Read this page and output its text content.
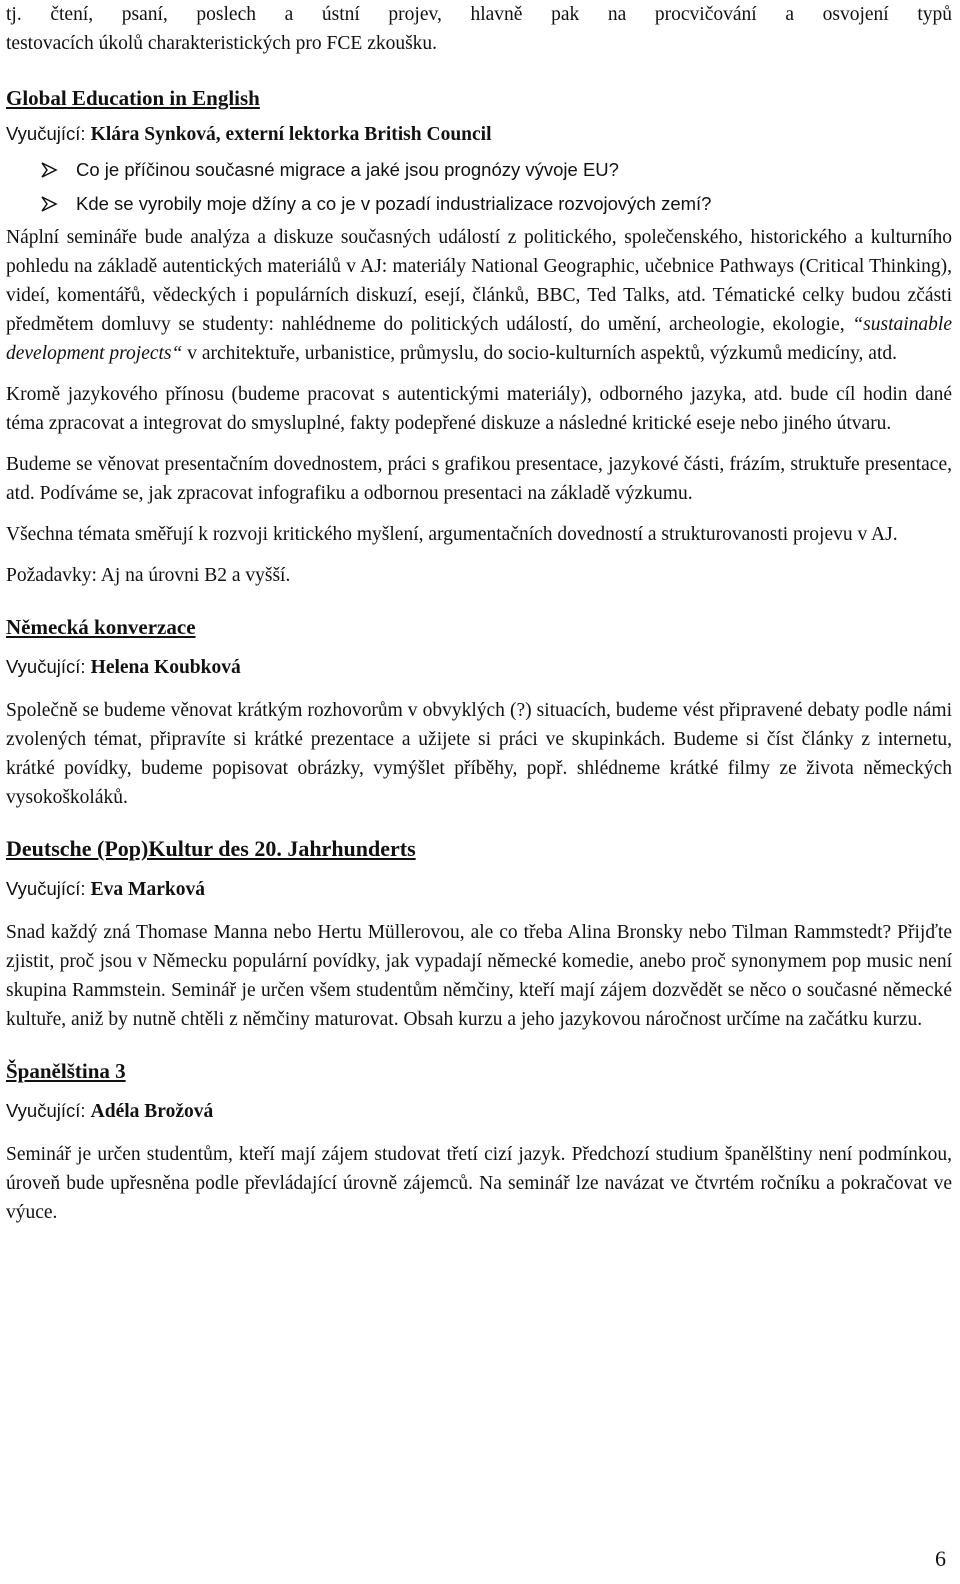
tj. čtení, psaní, poslech a ústní projev, hlavně pak na procvičování a osvojení typů

testovacích úkolů charakteristických pro FCE zkoušku.

Global Education in English

Vyučující: Klára Synková, externí lektorka British Council

Co je příčinou současné migrace a jaké jsou prognózy vývoje EU?
Kde se vyrobily moje džíny a co je v pozadí industrializace rozvojových zemí?

Náplní semináře bude analýza a diskuze současných událostí z politického, společenského, historického a kulturního pohledu na základě autentických materiálů v AJ: materiály National Geographic, učebnice Pathways (Critical Thinking), videí, komentářů, vědeckých i populárních diskuzí, esejí, článků, BBC, Ted Talks, atd. Tématické celky budou zčásti předmětem domluvy se studenty: nahlédneme do politických událostí, do umění, archeologie, ekologie, “sustainable development projects“ v architektuře, urbanistice, průmyslu, do socio-kulturních aspektů, výzkumů medicíny, atd.

Kromě jazykového přínosu (budeme pracovat s autentickými materiály), odborného jazyka, atd. bude cíl hodin dané téma zpracovat a integrovat do smysluplné, fakty podepřené diskuze a následné kritické eseje nebo jiného útvaru.

Budeme se věnovat presentačním dovednostem, práci s grafikou presentace, jazykové části, frázím, struktuře presentace, atd. Podíváme se, jak zpracovat infografiku a odbornou presentaci na základě výzkumu.

Všechna témata směřují k rozvoji kritického myšlení, argumentačních dovedností a strukturovanosti projevu v AJ.

Požadavky: Aj na úrovni B2 a vyšší.

Německá konverzace

Vyučující: Helena Koubková

Společně se budeme věnovat krátkým rozhovorům v obvyklých (?) situacích, budeme vést připravené debaty podle námi zvolených témat, připravíte si krátké prezentace a užijete si práci ve skupinkách. Budeme si číst články z internetu, krátké povídky, budeme popisovat obrázky, vymýšlet příběhy, popř. shlédneme krátké filmy ze života německých vysokoškoláků.

Deutsche (Pop)Kultur des 20. Jahrhunderts

Vyučující: Eva Marková

Snad každý zná Thomase Manna nebo Hertu Müllerovou, ale co třeba Alina Bronsky nebo Tilman Rammstedt? Přijďte zjistit, proč jsou v Německu populární povídky, jak vypadají německé komedie, anebo proč synonymem pop music není skupina Rammstein. Seminář je určen všem studentům němčiny, kteří mají zájem dozvědět se něco o současné německé kultuře, aniž by nutně chtěli z němčiny maturovat. Obsah kurzu a jeho jazykovou náročnost určíme na začátku kurzu.

Španělština 3

Vyučující: Adéla Brožová

Seminář je určen studentům, kteří mají zájem studovat třetí cizí jazyk. Předchozí studium španělštiny není podmínkou, úroveň bude upřesněna podle převládající úrovně zájemců. Na seminář lze navázat ve čtvrtém ročníku a pokračovat ve výuce.

6
